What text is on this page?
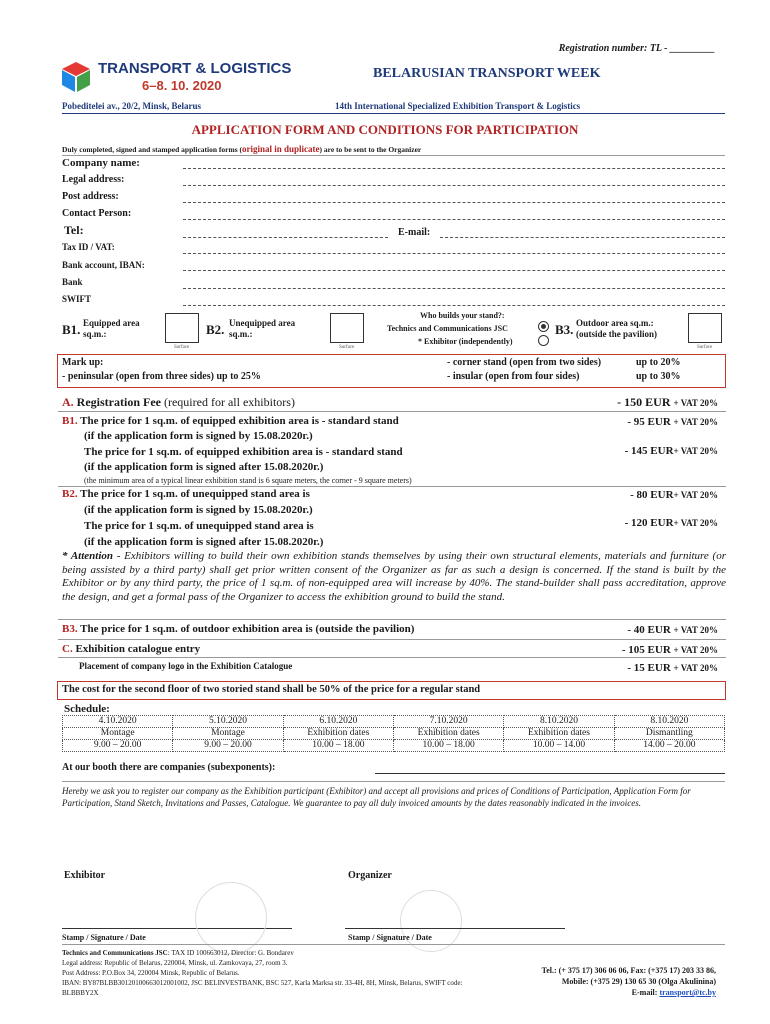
Registration number: TL - _________
TRANSPORT & LOGISTICS
6–8. 10. 2020
BELARUSIAN TRANSPORT WEEK
Pobeditelei av., 20/2, Minsk, Belarus	14th International Specialized Exhibition Transport & Logistics
APPLICATION FORM AND CONDITIONS FOR PARTICIPATION
Duly completed, signed and stamped application forms (original in duplicate) are to be sent to the Organizer
Company name:
Legal address:
Post address:
Contact Person:
Tel:	E-mail:
Tax ID / VAT:
Bank account, IBAN:
Bank
SWIFT
B1. Equipped area sq.m.:
Surface
B2. Unequipped area sq.m.:
Surface
Who builds your stand?:
Technics and Communications JSC
* Exhibitor (independently)
B3. Outdoor area sq.m.: (outside the pavilion)
Surface
Mark up:
- peninsular (open from three sides) up to 25%
- corner stand (open from two sides)	up to 20%
- insular (open from four sides)	up to 30%
A. Registration Fee (required for all exhibitors)	- 150 EUR + VAT 20%
B1. The price for 1 sq.m. of equipped exhibition area is - standard stand
(if the application form is signed by 15.08.2020г.)
- 95 EUR + VAT 20%
The price for 1 sq.m. of equipped exhibition area is - standard stand
(if the application form is signed after 15.08.2020г.)
- 145 EUR+ VAT 20%
(the minimum area of a typical linear exhibition stand is 6 square meters, the corner - 9 square meters)
B2. The price for 1 sq.m. of unequipped stand area is
(if the application form is signed by 15.08.2020г.)
- 80 EUR+ VAT 20%
The price for 1 sq.m. of unequipped stand area is
(if the application form is signed after 15.08.2020г.)
- 120 EUR+ VAT 20%
* Attention - Exhibitors willing to build their own exhibition stands themselves by using their own structural elements, materials and furniture (or being assisted by a third party) shall get prior written consent of the Organizer as far as such a design is concerned. If the stand is built by the Exhibitor or by any third party, the price of 1 sq.m. of non-equipped area will increase by 40%. The stand-builder shall pass accreditation, approve the design, and get a formal pass of the Organizer to access the exhibition ground to build the stand.
B3. The price for 1 sq.m. of outdoor exhibition area is (outside the pavilion)	- 40 EUR + VAT 20%
C. Exhibition catalogue entry	- 105 EUR + VAT 20%
Placement of company logo in the Exhibition Catalogue	- 15 EUR + VAT 20%
The cost for the second floor of two storied stand shall be 50% of the price for a regular stand
Schedule:
4.10.2020	5.10.2020	6.10.2020	7.10.2020	8.10.2020	8.10.2020
Montage	Montage	Exhibition dates	Exhibition dates	Exhibition dates	Dismantling
9.00 – 20.00	9.00 – 20.00	10.00 – 18.00	10.00 – 18.00	10.00 – 14.00	14.00 – 20.00
At our booth there are companies (subexponents):
Hereby we ask you to register our company as the Exhibition participant (Exhibitor) and accept all provisions and prices of Conditions of Participation, Application Form for Participation, Stand Sketch, Invitations and Passes, Catalogue. We guarantee to pay all duly invoiced amounts by the dates reasonably indicated in the invoices.
Exhibitor	Organizer
Stamp / Signature / Date	Stamp / Signature / Date
Technics and Communications JSC: TAX ID 100663012, Director: G. Bondarev
Legal address: Republic of Belarus, 220004, Minsk, ul. Zamkovaya, 27, room 3.
Post Address: P.O.Box 34, 220004 Minsk, Republic of Belarus.
IBAN: BY87BLBB30120100663012001002, JSC BELINVESTBANK, BSC 527, Karla Marksa str. 33-4H, 8H, Minsk, Belarus, SWIFT code:
BLBBBY2X
Tel.: (+ 375 17) 306 06 06, Fax: (+375 17) 203 33 86,
Mobile: (+375 29) 130 65 30 (Olga Akulinina)
E-mail: transport@tc.by
